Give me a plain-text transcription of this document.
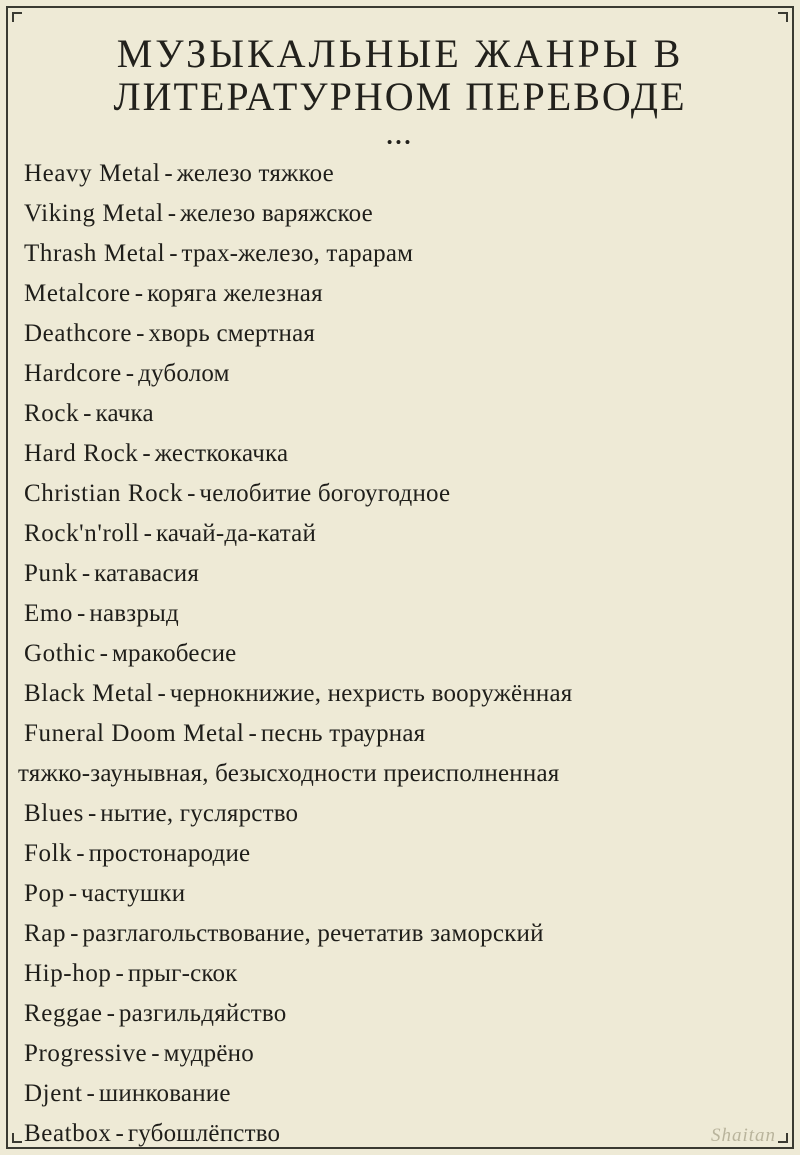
МУЗЫКАЛЬНЫЕ ЖАНРЫ В
ЛИТЕРАТУРНОМ ПЕРЕВОДЕ
•••
Heavy Metal - железо тяжкое
Viking Metal - железо варяжское
Thrash Metal - трах-железо, тарарам
Metalcore - коряга железная
Deathcore - хворь смертная
Hardcore - дуболом
Rock - качка
Hard Rock - жесткокачка
Christian Rock - челобитие богоугодное
Rock'n'roll - качай-да-катай
Punk - катавасия
Emo - навзрыд
Gothic - мракобесие
Black Metal - чернокнижие, нехристь вооружённая
Funeral Doom Metal - песнь траурная
тяжко-заунывная, безысходности преисполненная
Blues - нытие, гуслярство
Folk - простонародие
Pop - частушки
Rap - разглагольствование, речетатив заморский
Hip-hop - прыг-скок
Reggae - разгильдяйство
Progressive - мудрёно
Djent - шинкование
Beatbox - губошлёпство	Shaitan
